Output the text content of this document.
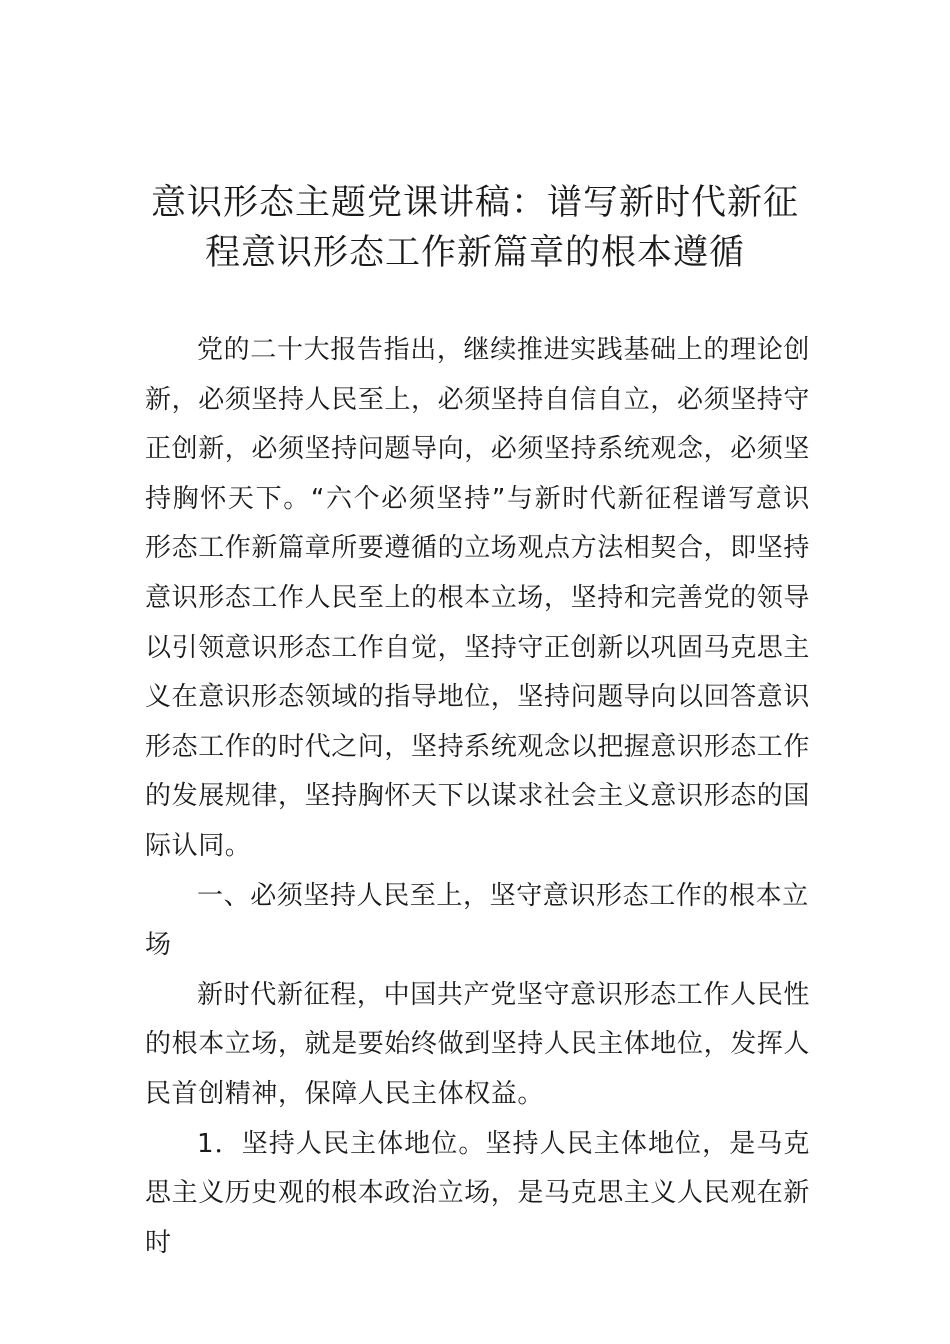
意识形态主题党课讲稿：谱写新时代新征
程意识形态工作新篇章的根本遵循

党的二十大报告指出，继续推进实践基础上的理论创新，必须坚持人民至上，必须坚持自信自立，必须坚持守正创新，必须坚持问题导向，必须坚持系统观念，必须坚持胸怀天下。“六个必须坚持”与新时代新征程谱写意识形态工作新篇章所要遵循的立场观点方法相契合，即坚持意识形态工作人民至上的根本立场，坚持和完善党的领导以引领意识形态工作自觉，坚持守正创新以巩固马克思主义在意识形态领域的指导地位，坚持问题导向以回答意识形态工作的时代之问，坚持系统观念以把握意识形态工作的发展规律，坚持胸怀天下以谋求社会主义意识形态的国际认同。

一、必须坚持人民至上，坚守意识形态工作的根本立场

新时代新征程，中国共产党坚守意识形态工作人民性的根本立场，就是要始终做到坚持人民主体地位，发挥人民首创精神，保障人民主体权益。

1．坚持人民主体地位。坚持人民主体地位，是马克思主义历史观的根本政治立场，是马克思主义人民观在新时
